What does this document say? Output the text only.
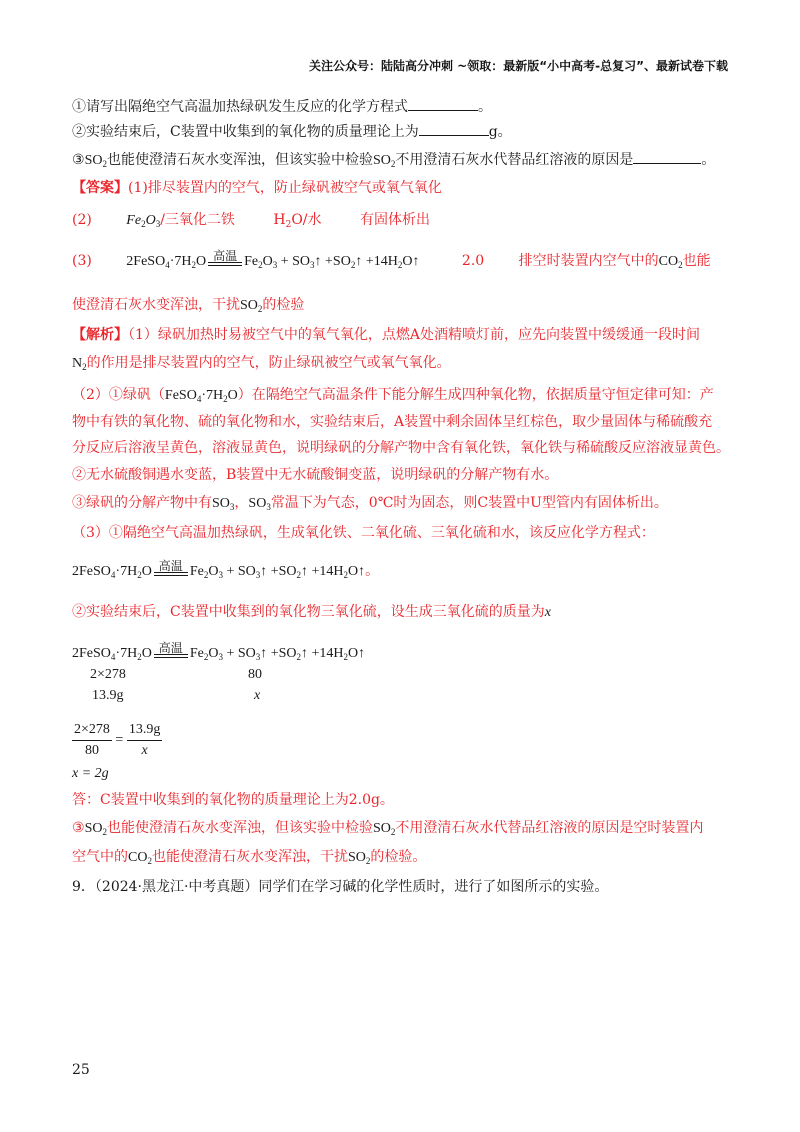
关注公众号：陆陆高分冲刺 ~领取：最新版“小中高考-总复习”、最新试卷下载
①请写出隔绝空气高温加热绿矾发生反应的化学方程式	。
②实验结束后，C装置中收集到的氧化物的质量理论上为	g。
$③SO_2$也能使澄清石灰水变浑浊，但该实验中检验$SO_2$不用澄清石灰水代替品红溶液的原因是	。
【答案】(1)排尽装置内的空气，防止绿矾被空气或氧气氧化
(2) $Fe_2O_3/$三氧化二铁	$H_2O/$水	有固体析出
(3) $2FeSO_4\cdot 7H_2O$ 高温 $Fe_2O_3$ + $SO_3↑$ $+SO_2↑$ $+14H_2O↑$	2.0 排空时装置内空气中的$CO_2$也能
使澄清石灰水变浑浊，干扰$SO_2$的检验
【解析】（1）绿矾加热时易被空气中的氧气氧化，点燃A处酒精喷灯前，应先向装置中缓缓通一段时间
$N_2$的作用是排尽装置内的空气，防止绿矾被空气或氧气氧化。
（2）①绿矾$(FeSO_4\cdot 7H_2O)$在隔绝空气高温条件下能分解生成四种氧化物，依据质量守恒定律可知：产
物中有铁的氧化物、硫的氧化物和水，实验结束后，A装置中剩余固体呈红棕色，取少量固体与稀硫酸充
分反应后溶液呈黄色，溶液显黄色，说明绿矾的分解产物中含有氧化铁，氧化铁与稀硫酸反应溶液显黄色。
②无水硫酸铜遇水变蓝，B装置中无水硫酸铜变蓝，说明绿矾的分解产物有水。
③绿矾的分解产物中有$SO_3$，$SO_3$常温下为气态，0℃时为固态，则C装置中U型管内有固体析出。
（3）①隔绝空气高温加热绿矾，生成氧化铁、二氧化硫、三氧化硫和水，该反应化学方程式：
$2FeSO_4\cdot 7H_2O$ 高温 $Fe_2O_3$ + $SO_3↑$ $+SO_2↑$ $+14H_2O↑$。
②实验结束后，C装置中收集到的氧化物三氧化硫，设生成三氧化硫的质量为x
$2FeSO_4\cdot 7H_2O$ 高温 $Fe_2O_3$ + $SO_3↑$ $+SO_2↑$ $+14H_2O↑$
2×278	80
13.9g	x
$\frac{2\times 278}{80} = \frac{13.9g}{x}$
x = 2g
答：C装置中收集到的氧化物的质量理论上为2.0g。
$③SO_2$也能使澄清石灰水变浑浊，但该实验中检验$SO_2$不用澄清石灰水代替品红溶液的原因是空时装置内
空气中的$CO_2$也能使澄清石灰水变浑浊，干扰$SO_2$的检验。
9．（2024·黑龙江·中考真题）同学们在学习碱的化学性质时，进行了如图所示的实验。
25
